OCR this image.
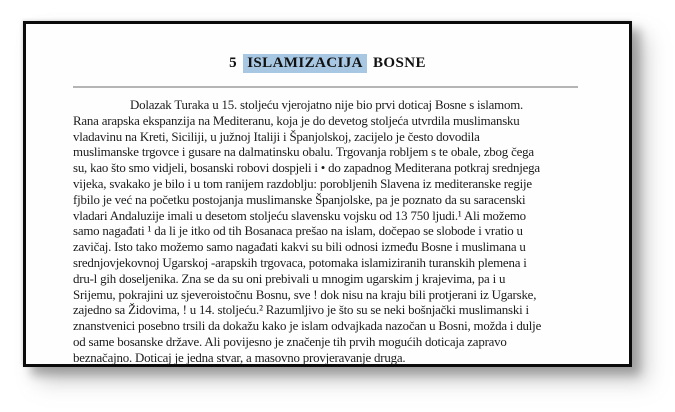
5 ISLAMIZACIJA BOSNE
Dolazak Turaka u 15. stoljeću vjerojatno nije bio prvi doticaj Bosne s islamom.
Rana arapska ekspanzija na Mediteranu, koja je do devetog stoljeća utvrdila muslimansku
vladavinu na Kreti, Siciliji, u južnoj Italiji i Španjolskoj, zacijelo je često dovodila
muslimanske trgovce i gusare na dalmatinsku obalu. Trgovanja robljem s te obale, zbog čega
su, kao što smo vidjeli, bosanski robovi dospjeli i • do zapadnog Mediterana potkraj srednjega
vijeka, svakako je bilo i u tom ranijem razdoblju: porobljenih Slavena iz mediteranske regije
fjbilo je već na početku postojanja muslimanske Španjolske, pa je poznato da su saracenski
vladari Andaluzije imali u desetom stoljeću slavensku vojsku od 13 750 ljudi.¹ Ali možemo
samo nagađati ¹ da li je itko od tih Bosanaca prešao na islam, dočepao se slobode i vratio u
zavičaj. Isto tako možemo samo nagađati kakvi su bili odnosi između Bosne i muslimana u
srednjovjekovnoj Ugarskoj -arapskih trgovaca, potomaka islamiziranih turanskih plemena i
dru-l gih doseljenika. Zna se da su oni prebivali u mnogim ugarskim j krajevima, pa i u
Srijemu, pokrajini uz sjeveroistočnu Bosnu, sve ! dok nisu na kraju bili protjerani iz Ugarske,
zajedno sa Židovima, ! u 14. stoljeću.² Razumljivo je što su se neki bošnjački muslimanski i
znanstvenici posebno trsili da dokažu kako je islam odvajkada nazočan u Bosni, možda i dulje
od same bosanske države. Ali povijesno je značenje tih prvih mogućih doticaja zapravo
beznačajno. Doticaj je jedna stvar, a masovno provjeravanje druga.
